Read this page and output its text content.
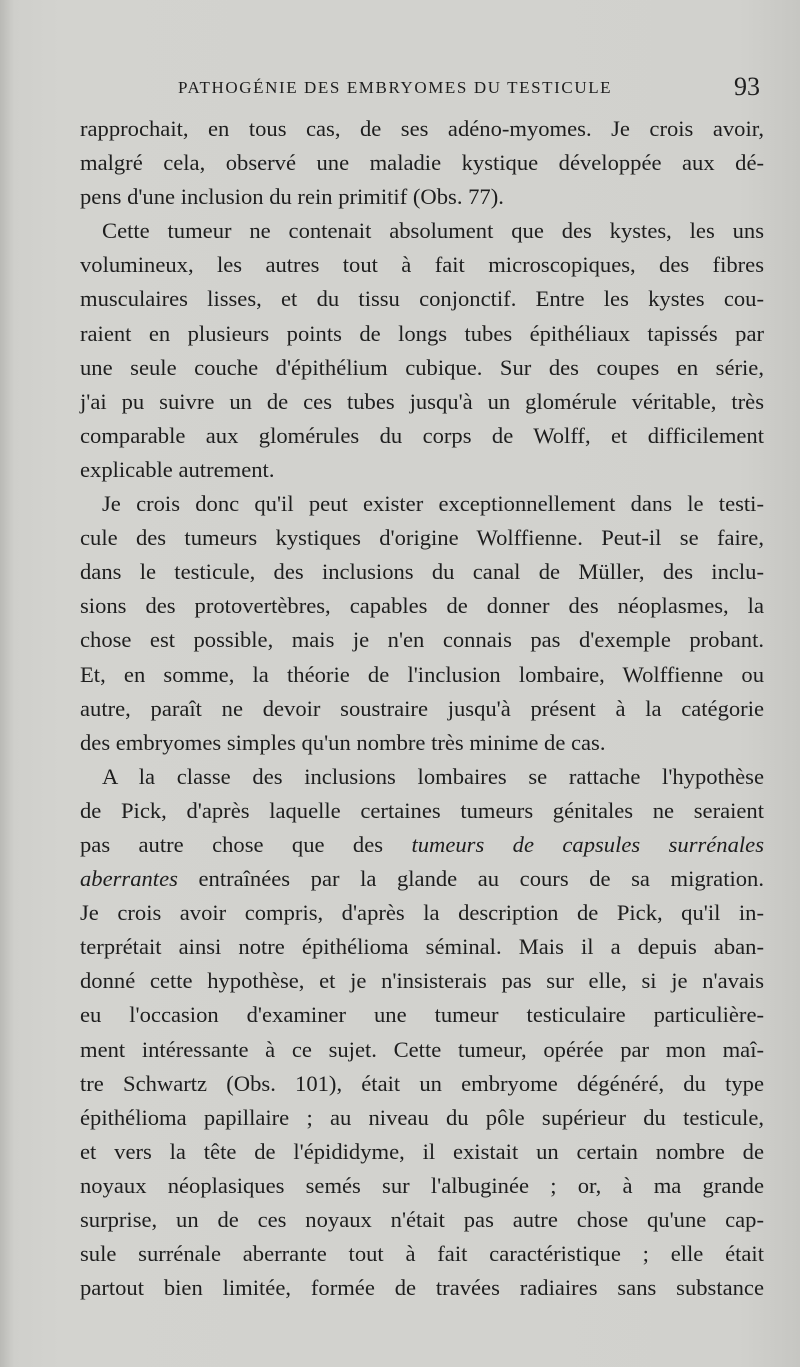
PATHOGÉNIE DES EMBRYOMES DU TESTICULE	93
rapprochait, en tous cas, de ses adéno-myomes. Je crois avoir,
malgré cela, observé une maladie kystique développée aux dé-
pens d'une inclusion du rein primitif (Obs. 77).
Cette tumeur ne contenait absolument que des kystes, les uns
volumineux, les autres tout à fait microscopiques, des fibres
musculaires lisses, et du tissu conjonctif. Entre les kystes cou-
raient en plusieurs points de longs tubes épithéliaux tapissés par
une seule couche d'épithélium cubique. Sur des coupes en série,
j'ai pu suivre un de ces tubes jusqu'à un glomérule véritable, très
comparable aux glomérules du corps de Wolff, et difficilement
explicable autrement.
Je crois donc qu'il peut exister exceptionnellement dans le testi-
cule des tumeurs kystiques d'origine Wolffienne. Peut-il se faire,
dans le testicule, des inclusions du canal de Müller, des inclu-
sions des protovertèbres, capables de donner des néoplasmes, la
chose est possible, mais je n'en connais pas d'exemple probant.
Et, en somme, la théorie de l'inclusion lombaire, Wolffienne ou
autre, paraît ne devoir soustraire jusqu'à présent à la catégorie
des embryomes simples qu'un nombre très minime de cas.
A la classe des inclusions lombaires se rattache l'hypothèse
de Pick, d'après laquelle certaines tumeurs génitales ne seraient
pas autre chose que des tumeurs de capsules surrénales
aberrantes entraînées par la glande au cours de sa migration.
Je crois avoir compris, d'après la description de Pick, qu'il in-
terprétait ainsi notre épithélioma séminal. Mais il a depuis aban-
donné cette hypothèse, et je n'insisterais pas sur elle, si je n'avais
eu l'occasion d'examiner une tumeur testiculaire particulière-
ment intéressante à ce sujet. Cette tumeur, opérée par mon maî-
tre Schwartz (Obs. 101), était un embryome dégénéré, du type
épithélioma papillaire ; au niveau du pôle supérieur du testicule,
et vers la tête de l'épididyme, il existait un certain nombre de
noyaux néoplasiques semés sur l'albuginée ; or, à ma grande
surprise, un de ces noyaux n'était pas autre chose qu'une cap-
sule surrénale aberrante tout à fait caractéristique ; elle était
partout bien limitée, formée de travées radiaires sans substance
